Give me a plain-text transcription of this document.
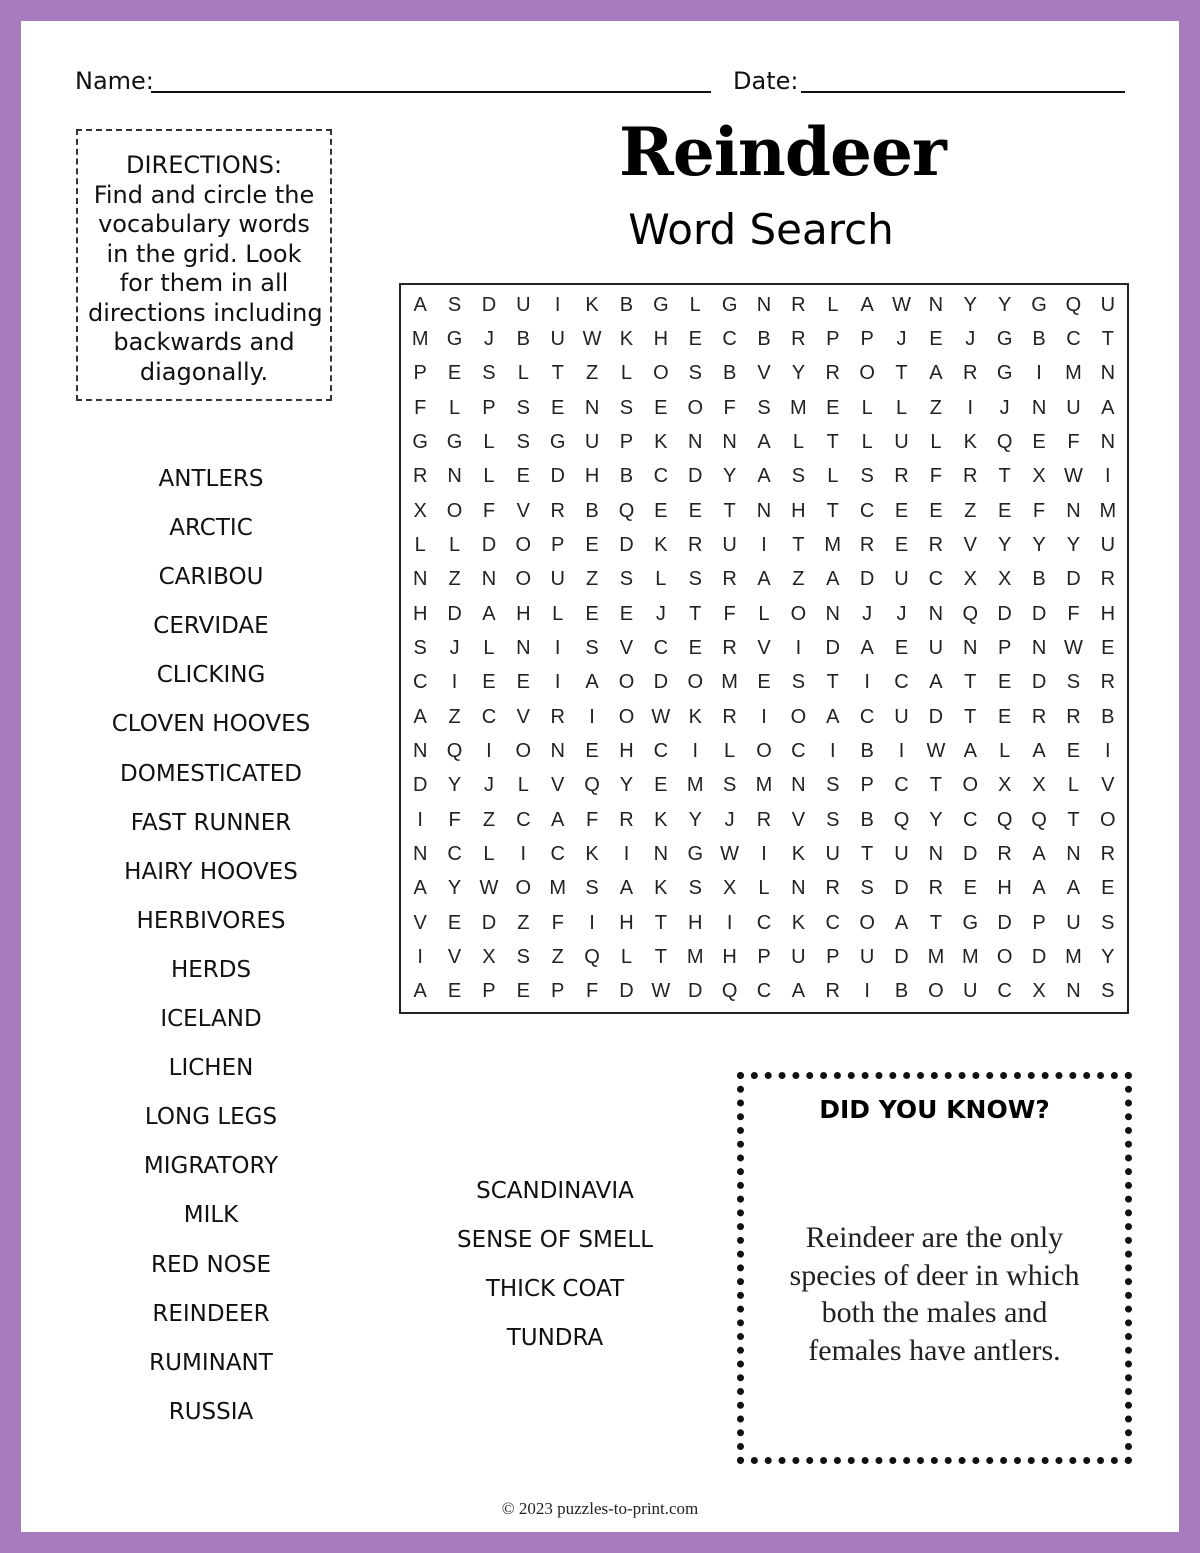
Name:	Date:
DIRECTIONS:
Find and circle the
vocabulary words
in the grid. Look
for them in all
directions including
backwards and
diagonally.
Reindeer
Word Search
A	S	D U	I	K	B G	L	G N R	L	A W N	Y	Y G Q U
M G	J	B	U W K	H	E	C	B	R	P	P	J	E	J	G B	C	T
P	E	S	L	T	Z	L	O S	B	V	Y	R O	T	A	R G	I	M N
F	L	P	S	E	N	S	E O	F	S M E	L	L	Z	I	J	N U	A
G G	L	S G U	P	K	N N	A	L	T	L	U	L	K Q E	F	N
R N	L	E	D H	B	C D	Y	A	S	L	S	R	F	R	T	X W	I
X O	F	V	R	B Q E	E	T	N H	T	C	E	E	Z	E	F	N M
L	L	D O P	E	D	K	R U	I	T M R	E	R	V	Y	Y	Y	U
N	Z	N O U	Z	S	L	S	R	A	Z	A	D U C	X	X	B	D R
H D	A	H	L	E	E	J	T	F	L	O N	J	J	N Q D D	F	H
S	J	L	N	I	S	V	C	E	R	V	I	D	A	E	U N	P	N W E
C	I	E	E	I	A O D O M E	S	T	I	C	A	T	E	D	S	R
A	Z	C	V	R	I	O W K	R	I	O A	C U D	T	E	R R	B
N Q	I	O N	E	H C	I	L	O C	I	B	I	W A	L	A	E	I
D	Y	J	L	V Q Y	E M S M N	S	P	C	T	O X	X	L	V
I	F	Z	C	A	F	R	K	Y	J	R	V	S	B Q Y	C Q Q	T	O
N C	L	I	C	K	I	N G W	I	K	U	T	U N D R	A	N R
A	Y W O M S	A	K	S	X	L	N R	S	D R	E	H	A	A	E
V	E	D	Z	F	I	H	T	H	I	C	K	C O A	T	G D	P	U	S
I	V	X	S	Z	Q	L	T M H	P	U	P	U D M M O D M Y
A	E	P	E	P	F	D W D Q C	A	R	I	B O U C	X	N	S
ANTLERS
ARCTIC
CARIBOU
CERVIDAE
CLICKING
CLOVEN HOOVES
DOMESTICATED
FAST RUNNER
HAIRY HOOVES
HERBIVORES
HERDS
ICELAND
LICHEN
LONG LEGS
MIGRATORY
MILK
RED NOSE
REINDEER
RUMINANT
RUSSIA
SCANDINAVIA
SENSE OF SMELL
THICK COAT
TUNDRA
DID YOU KNOW?
Reindeer are the only
species of deer in which
both the males and
females have antlers.
© 2023 puzzles-to-print.com
